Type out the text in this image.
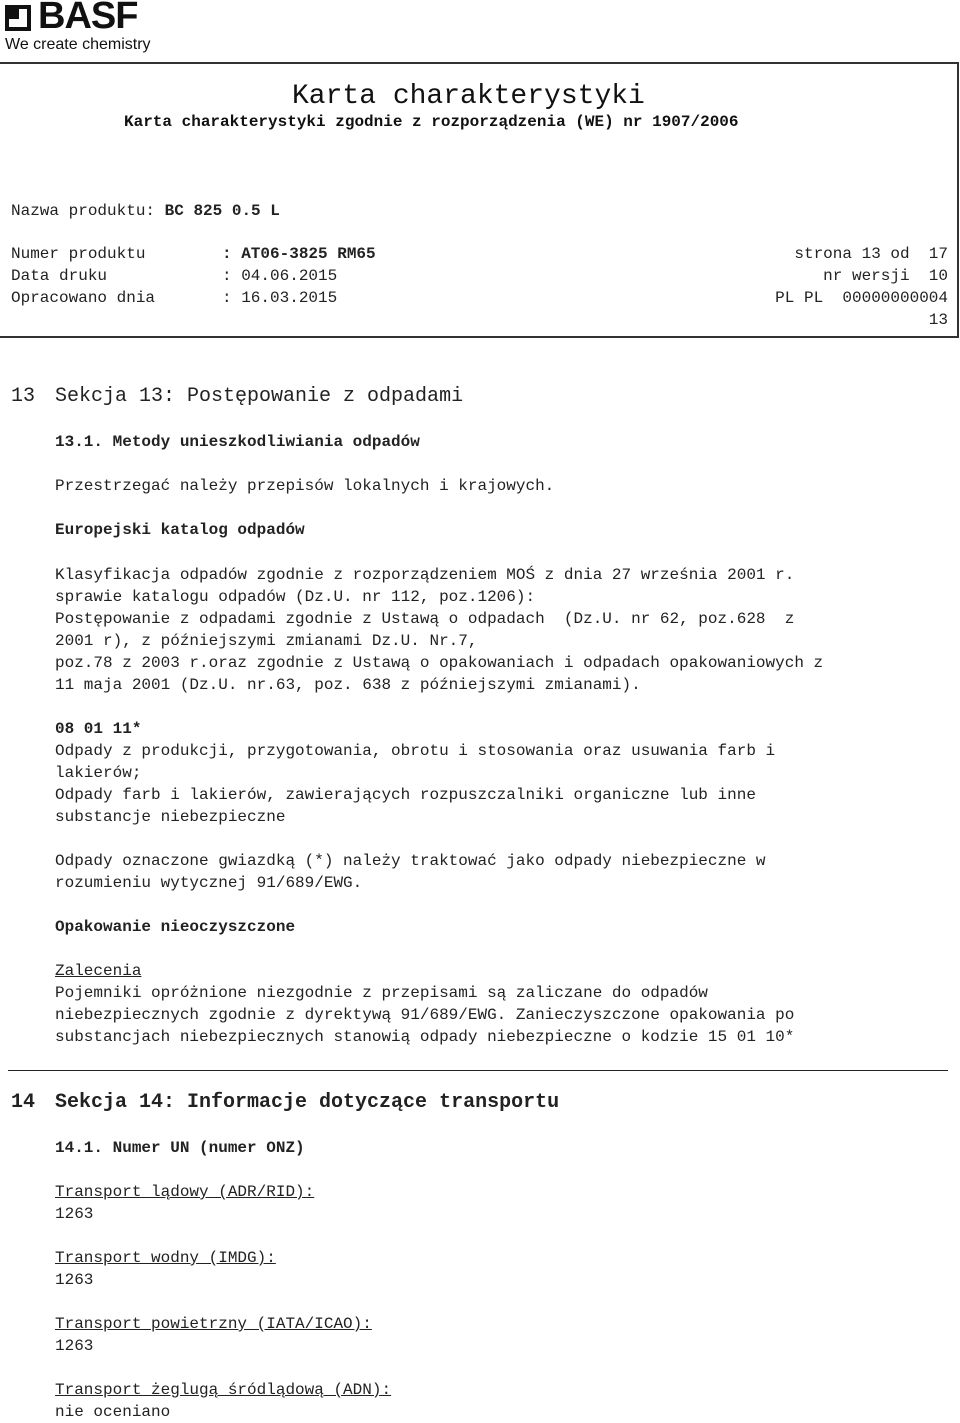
BASF
We create chemistry
Karta charakterystyki
Karta charakterystyki zgodnie z rozporządzenia (WE) nr 1907/2006
Nazwa produktu: BC 825 0.5 L
Numer produktu	: AT06-3825 RM65
Data druku	: 04.06.2015
Opracowano dnia	: 16.03.2015
strona 13 od  17
nr wersji  10
PL PL  00000000004
13
13 Sekcja 13: Postępowanie z odpadami
13.1. Metody unieszkodliwiania odpadów
Przestrzegać należy przepisów lokalnych i krajowych.
Europejski katalog odpadów
Klasyfikacja odpadów zgodnie z rozporządzeniem MOŚ z dnia 27 września 2001 r.
sprawie katalogu odpadów (Dz.U. nr 112, poz.1206):
Postępowanie z odpadami zgodnie z Ustawą o odpadach  (Dz.U. nr 62, poz.628  z
2001 r), z późniejszymi zmianami Dz.U. Nr.7,
poz.78 z 2003 r.oraz zgodnie z Ustawą o opakowaniach i odpadach opakowaniowych z
11 maja 2001 (Dz.U. nr.63, poz. 638 z późniejszymi zmianami).
08 01 11*
Odpady z produkcji, przygotowania, obrotu i stosowania oraz usuwania farb i
lakierów;
Odpady farb i lakierów, zawierających rozpuszczalniki organiczne lub inne
substancje niebezpieczne
Odpady oznaczone gwiazdką (*) należy traktować jako odpady niebezpieczne w
rozumieniu wytycznej 91/689/EWG.
Opakowanie nieoczyszczone
Zalecenia
Pojemniki opróżnione niezgodnie z przepisami są zaliczane do odpadów
niebezpiecznych zgodnie z dyrektywą 91/689/EWG. Zanieczyszczone opakowania po
substancjach niebezpiecznych stanowią odpady niebezpieczne o kodzie 15 01 10*
14 Sekcja 14: Informacje dotyczące transportu
14.1. Numer UN (numer ONZ)
Transport lądowy (ADR/RID):
1263
Transport wodny (IMDG):
1263
Transport powietrzny (IATA/ICAO):
1263
Transport żeglugą śródlądową (ADN):
nie oceniano
